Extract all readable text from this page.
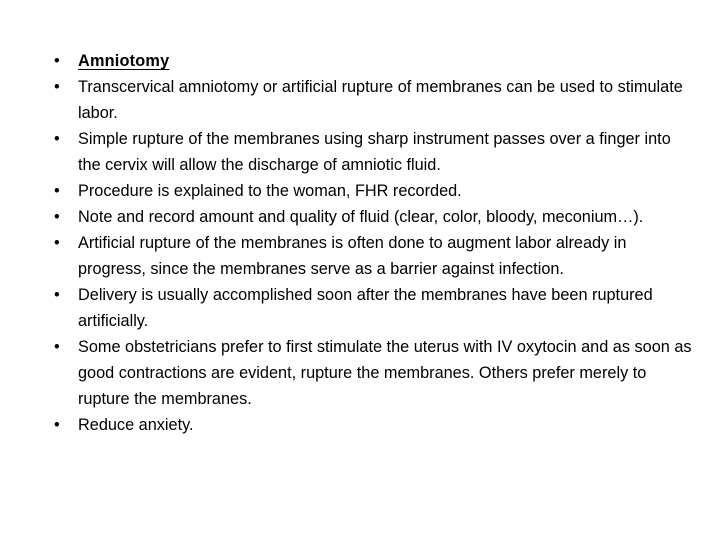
•	Amniotomy
•	Transcervical amniotomy or artificial rupture of membranes can be used to stimulate labor.
•	Simple rupture of the membranes using sharp instrument passes over a finger into the cervix will allow the discharge of amniotic fluid.
•	Procedure is explained to the woman, FHR recorded.
•	Note and record amount and quality of fluid (clear, color, bloody, meconium…).
•	Artificial rupture of the membranes is often done to augment labor already in progress, since the membranes serve as a barrier against infection.
•	Delivery is usually accomplished soon after the membranes have been ruptured artificially.
•	Some obstetricians prefer to first stimulate the uterus with IV oxytocin and as soon as good contractions are evident, rupture the membranes. Others prefer merely to rupture the membranes.
•	Reduce anxiety.
